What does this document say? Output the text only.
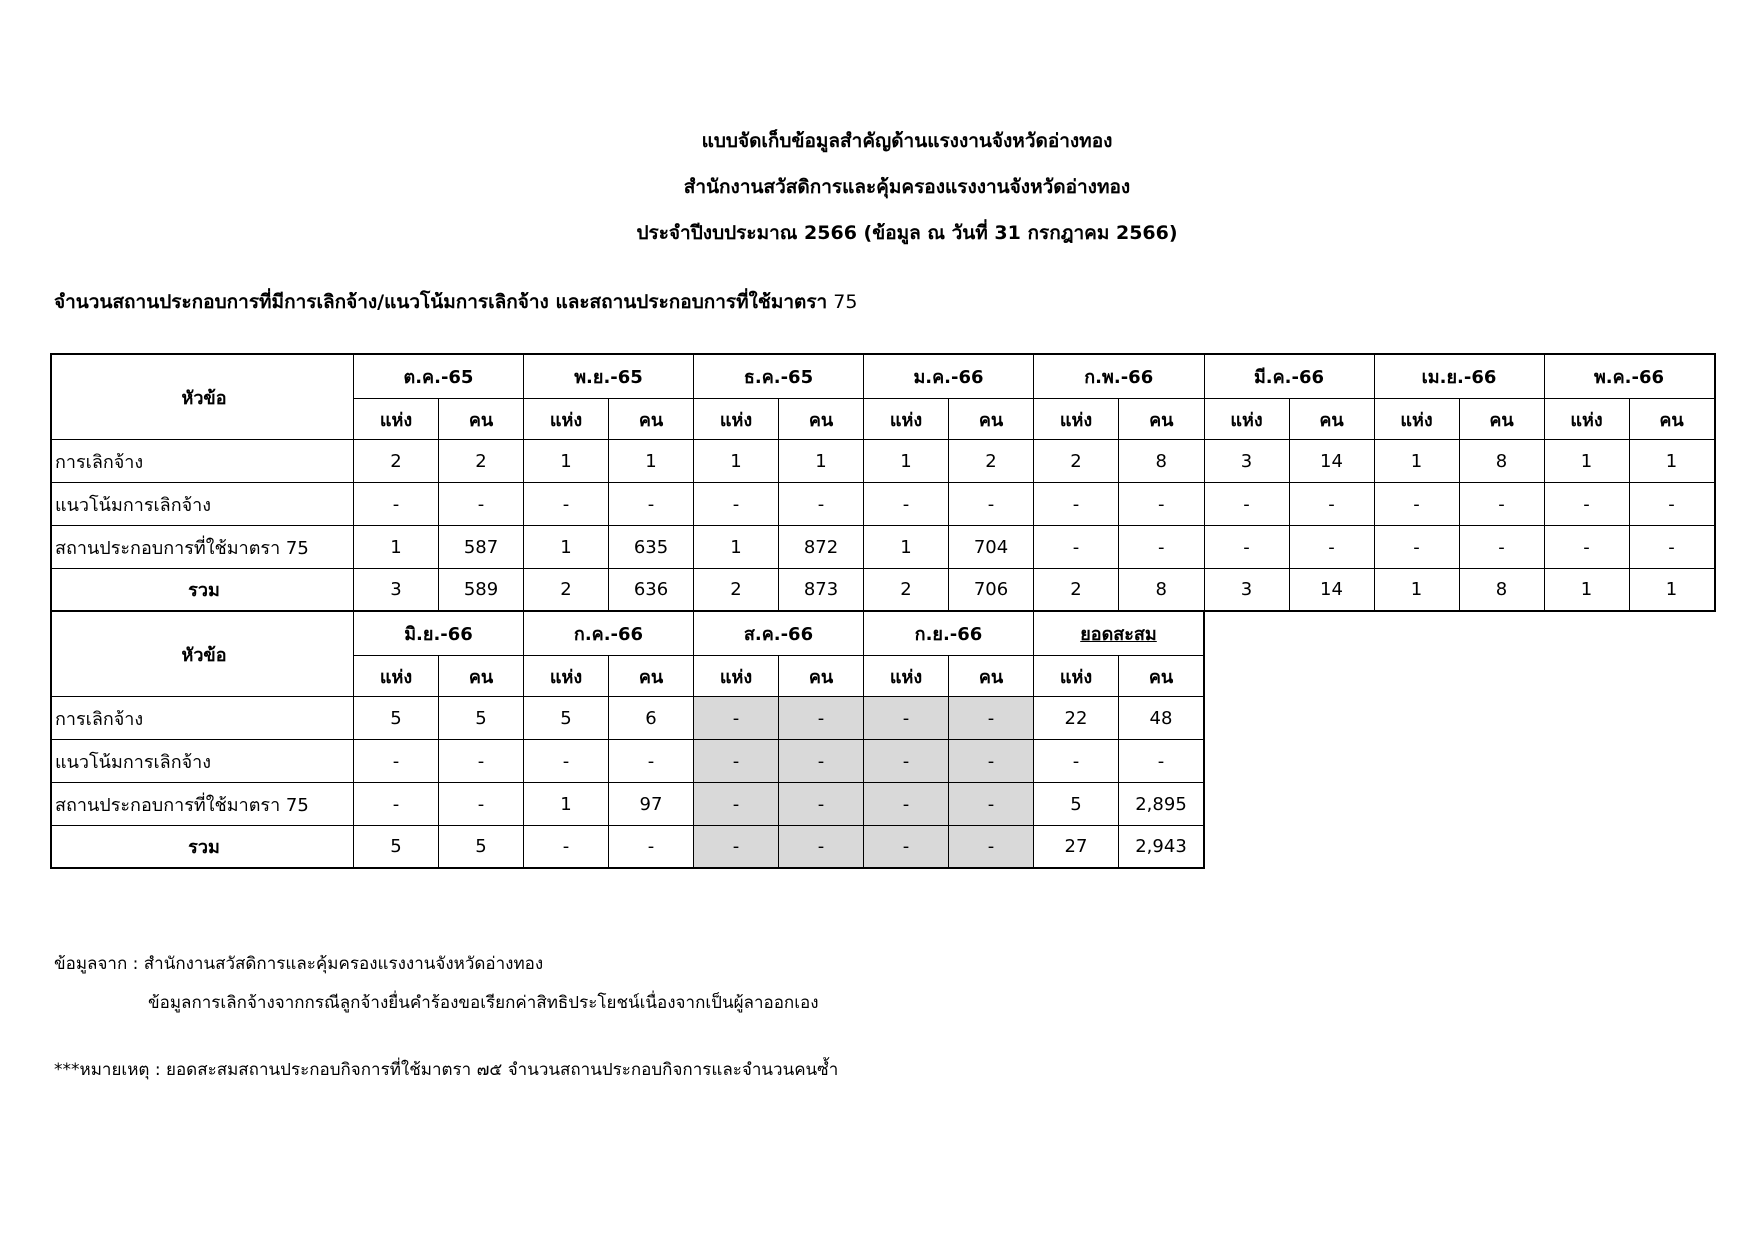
แบบจัดเก็บข้อมูลสำคัญด้านแรงงานจังหวัดอ่างทอง
สำนักงานสวัสดิการและคุ้มครองแรงงานจังหวัดอ่างทอง
ประจำปีงบประมาณ 2566 (ข้อมูล ณ วันที่ 31 กรกฎาคม 2566)
จำนวนสถานประกอบการที่มีการเลิกจ้าง/แนวโน้มการเลิกจ้าง และสถานประกอบการที่ใช้มาตรา 75
หัวข้อ	ต.ค.-65		พ.ย.-65		ธ.ค.-65		ม.ค.-66		ก.พ.-66		มี.ค.-66		เม.ย.-66		พ.ค.-66	
	แห่ง	คน	แห่ง	คน	แห่ง	คน	แห่ง	คน	แห่ง	คน	แห่ง	คน	แห่ง	คน	แห่ง	คน
การเลิกจ้าง	2	2	1	1	1	1	1	2	2	8	3	14	1	8	1	1
แนวโน้มการเลิกจ้าง	-	-	-	-	-	-	-	-	-	-	-	-	-	-	-	-
สถานประกอบการที่ใช้มาตรา 75	1	587	1	635	1	872	1	704	-	-	-	-	-	-	-	-
รวม	3	589	2	636	2	873	2	706	2	8	3	14	1	8	1	1
หัวข้อ	มิ.ย.-66		ก.ค.-66		ส.ค.-66		ก.ย.-66		ยอดสะสม							
	แห่ง	คน	แห่ง	คน	แห่ง	คน	แห่ง	คน	แห่ง	คน						
การเลิกจ้าง	5	5	5	6	-	-	-	-	22	48						
แนวโน้มการเลิกจ้าง	-	-	-	-	-	-	-	-	-	-						
สถานประกอบการที่ใช้มาตรา 75	-	-	1	97	-	-	-	-	5	2,895						
รวม	5	5	-	-	-	-	-	-	27	2,943						
ข้อมูลจาก : สำนักงานสวัสดิการและคุ้มครองแรงงานจังหวัดอ่างทอง
ข้อมูลการเลิกจ้างจากกรณีลูกจ้างยื่นคำร้องขอเรียกค่าสิทธิประโยชน์เนื่องจากเป็นผู้ลาออกเอง
***หมายเหตุ : ยอดสะสมสถานประกอบกิจการที่ใช้มาตรา ๗๕ จำนวนสถานประกอบกิจการและจำนวนคนซ้ำ
